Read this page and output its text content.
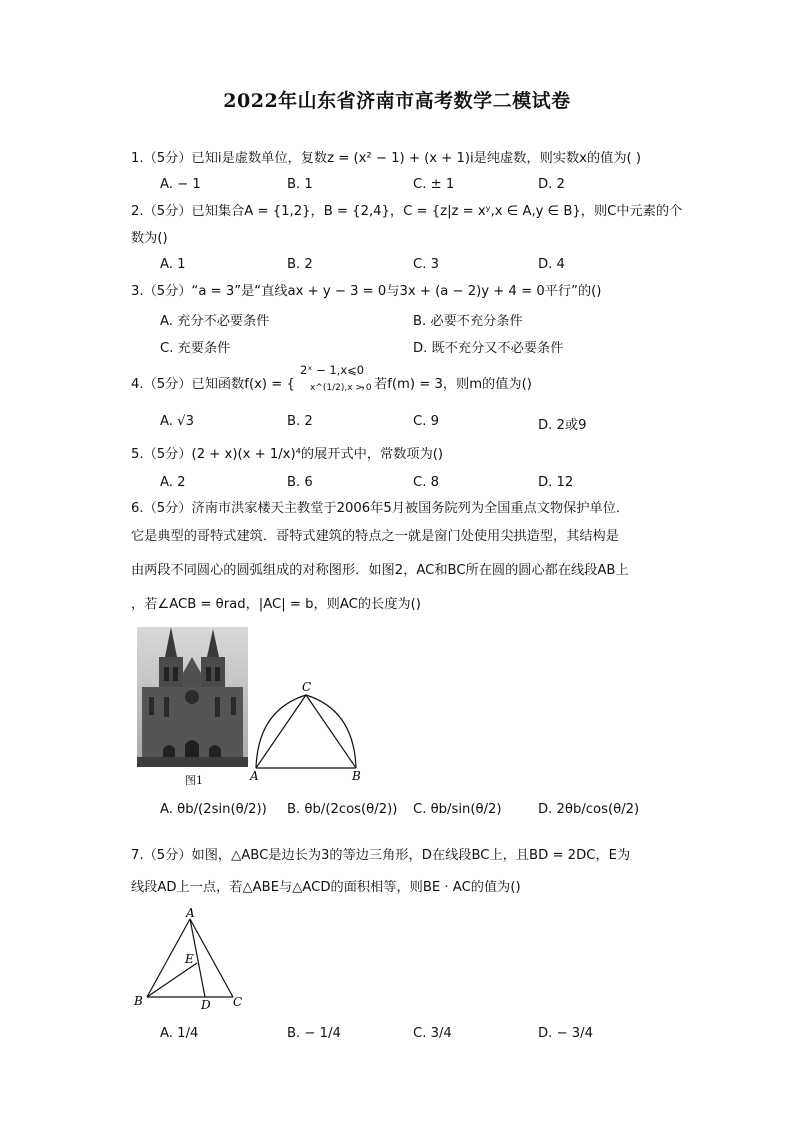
2022年山东省济南市高考数学二模试卷
1.（5分）已知i是虚数单位，复数z = (x² − 1) + (x + 1)i是纯虚数，则实数x的值为( )
A. − 1	B. 1	C. ± 1	D. 2
2.（5分）已知集合A = {1,2}，B = {2,4}，C = {z|z = xʸ,x ∈ A,y ∈ B}，则C中元素的个
数为()
A. 1	B. 2	C. 3	D. 4
3.（5分）“a = 3”是“直线ax + y − 3 = 0与3x + (a − 2)y + 4 = 0平行”的()
A. 充分不必要条件	B. 必要不充分条件
C. 充要条件	D. 既不充分又不必要条件
4.（5分）已知函数f(x) = {	，若f(m) = 3，则m的值为()
2ˣ − 1,x⩽0
x^(1/2),x > 0
A. √3	B. 2	C. 9	D. 2或9
5.（5分）(2 + x)(x + 1/x)⁴的展开式中，常数项为()
A. 2	B. 6	C. 8	D. 12
6.（5分）济南市洪家楼天主教堂于2006年5月被国务院列为全国重点文物保护单位．
它是典型的哥特式建筑．哥特式建筑的特点之一就是窗门处使用尖拱造型，其结构是
由两段不同圆心的圆弧组成的对称图形．如图2，AC和BC所在圆的圆心都在线段AB上
，若∠ACB = θrad，|AC| = b，则AC的长度为()
图1
C
A	B
A. θb/(2sin(θ/2)) B. θb/(2cos(θ/2)) C. θb/sin(θ/2)	D. 2θb/cos(θ/2)
7.（5分）如图，△ABC是边长为3的等边三角形，D在线段BC上，且BD = 2DC，E为
线段AD上一点，若△ABE与△ACD的面积相等，则BE · AC的值为()
A
E
B	D C
A. 1/4	B. − 1/4	C. 3/4	D. − 3/4
